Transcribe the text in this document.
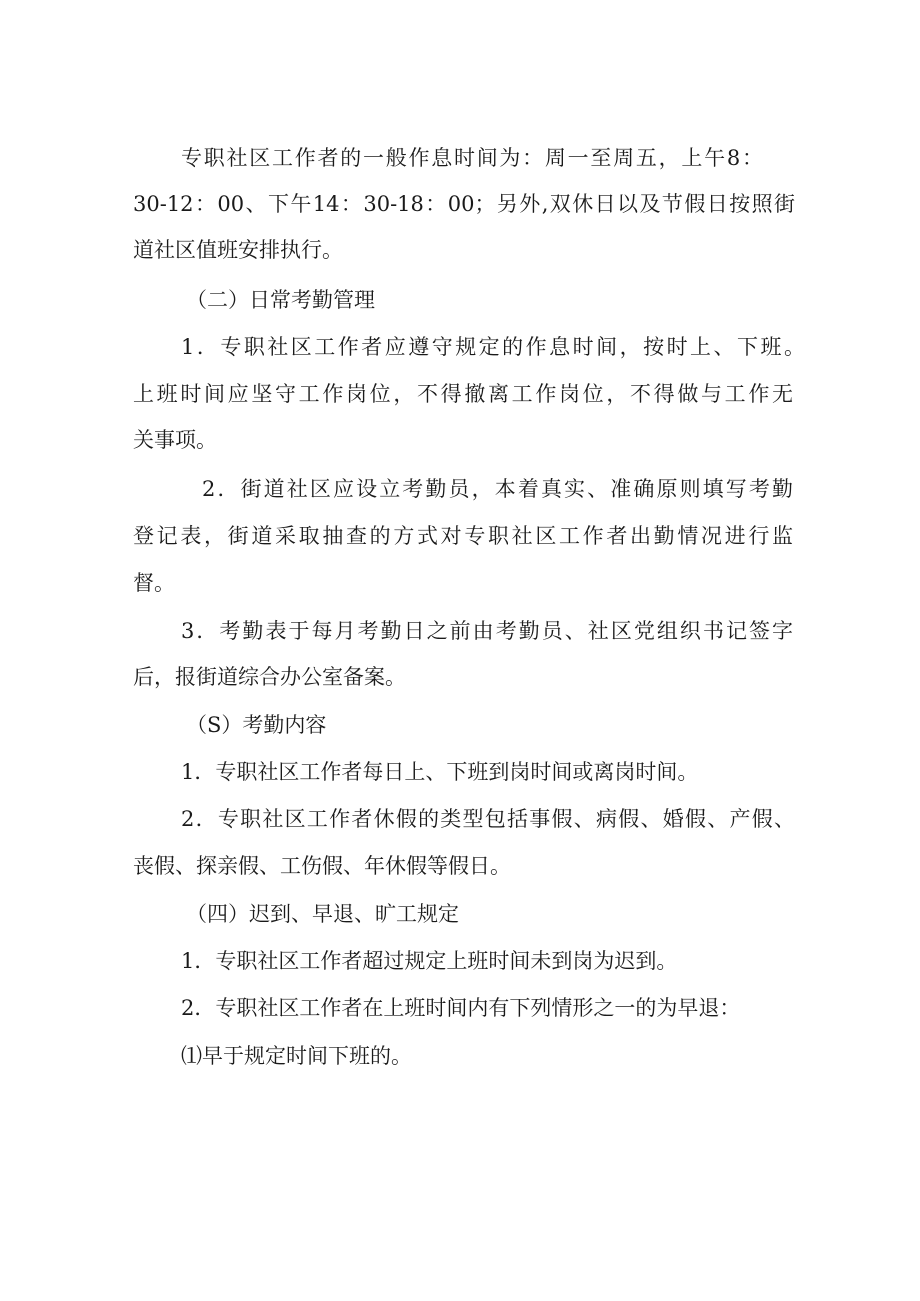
专职社区工作者的一般作息时间为：周一至周五，上午8：
30-12：00、下午14：30-18：00；另外,双休日以及节假日按照街
道社区值班安排执行。
（二）日常考勤管理
1．专职社区工作者应遵守规定的作息时间，按时上、下班。
上班时间应坚守工作岗位，不得撤离工作岗位，不得做与工作无
关事项。
2．街道社区应设立考勤员，本着真实、准确原则填写考勤
登记表，街道采取抽查的方式对专职社区工作者出勤情况进行监
督。
3．考勤表于每月考勤日之前由考勤员、社区党组织书记签字
后，报街道综合办公室备案。
（S）考勤内容
1．专职社区工作者每日上、下班到岗时间或离岗时间。
2．专职社区工作者休假的类型包括事假、病假、婚假、产假、
丧假、探亲假、工伤假、年休假等假日。
（四）迟到、早退、旷工规定
1．专职社区工作者超过规定上班时间未到岗为迟到。
2．专职社区工作者在上班时间内有下列情形之一的为早退：
⑴早于规定时间下班的。
